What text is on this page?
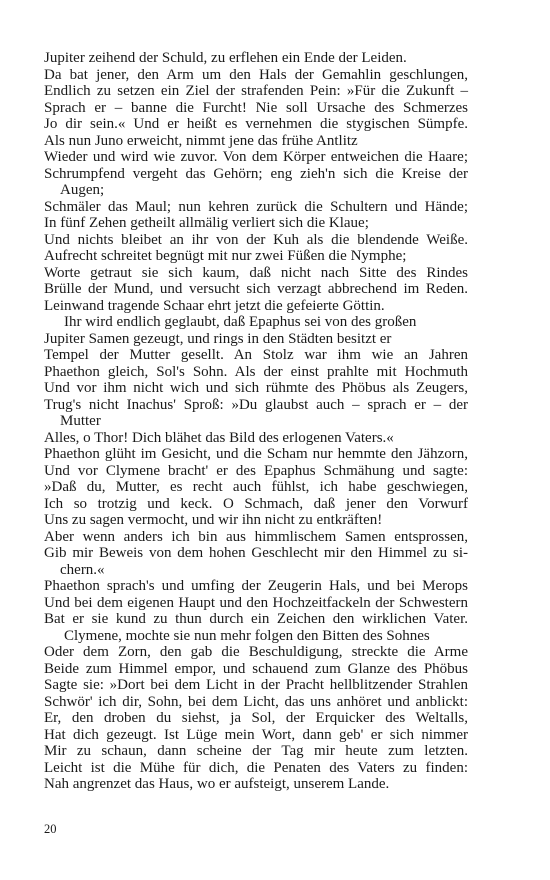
Jupiter zeihend der Schuld, zu erflehen ein Ende der Leiden.
Da bat jener, den Arm um den Hals der Gemahlin geschlungen,
Endlich zu setzen ein Ziel der strafenden Pein: »Für die Zukunft –
Sprach er – banne die Furcht! Nie soll Ursache des Schmerzes
Jo dir sein.« Und er heißt es vernehmen die stygischen Sümpfe.
Als nun Juno erweicht, nimmt jene das frühe Antlitz
Wieder und wird wie zuvor. Von dem Körper entweichen die Haare;
Schrumpfend vergeht das Gehörn; eng zieh'n sich die Kreise der
Augen;
Schmäler das Maul; nun kehren zurück die Schultern und Hände;
In fünf Zehen getheilt allmälig verliert sich die Klaue;
Und nichts bleibet an ihr von der Kuh als die blendende Weiße.
Aufrecht schreitet begnügt mit nur zwei Füßen die Nymphe;
Worte getraut sie sich kaum, daß nicht nach Sitte des Rindes
Brülle der Mund, und versucht sich verzagt abbrechend im Reden.
Leinwand tragende Schaar ehrt jetzt die gefeierte Göttin.
Ihr wird endlich geglaubt, daß Epaphus sei von des großen
Jupiter Samen gezeugt, und rings in den Städten besitzt er
Tempel der Mutter gesellt. An Stolz war ihm wie an Jahren
Phaethon gleich, Sol's Sohn. Als der einst prahlte mit Hochmuth
Und vor ihm nicht wich und sich rühmte des Phöbus als Zeugers,
Trug's nicht Inachus' Sproß: »Du glaubst auch – sprach er – der
Mutter
Alles, o Thor! Dich blähet das Bild des erlogenen Vaters.«
Phaethon glüht im Gesicht, und die Scham nur hemmte den Jähzorn,
Und vor Clymene bracht' er des Epaphus Schmähung und sagte:
»Daß du, Mutter, es recht auch fühlst, ich habe geschwiegen,
Ich so trotzig und keck. O Schmach, daß jener den Vorwurf
Uns zu sagen vermocht, und wir ihn nicht zu entkräften!
Aber wenn anders ich bin aus himmlischem Samen entsprossen,
Gib mir Beweis von dem hohen Geschlecht mir den Himmel zu si-
chern.«
Phaethon sprach's und umfing der Zeugerin Hals, und bei Merops
Und bei dem eigenen Haupt und den Hochzeitfackeln der Schwestern
Bat er sie kund zu thun durch ein Zeichen den wirklichen Vater.
Clymene, mochte sie nun mehr folgen den Bitten des Sohnes
Oder dem Zorn, den gab die Beschuldigung, streckte die Arme
Beide zum Himmel empor, und schauend zum Glanze des Phöbus
Sagte sie: »Dort bei dem Licht in der Pracht hellblitzender Strahlen
Schwör' ich dir, Sohn, bei dem Licht, das uns anhöret und anblickt:
Er, den droben du siehst, ja Sol, der Erquicker des Weltalls,
Hat dich gezeugt. Ist Lüge mein Wort, dann geb' er sich nimmer
Mir zu schaun, dann scheine der Tag mir heute zum letzten.
Leicht ist die Mühe für dich, die Penaten des Vaters zu finden:
Nah angrenzet das Haus, wo er aufsteigt, unserem Lande.
20
